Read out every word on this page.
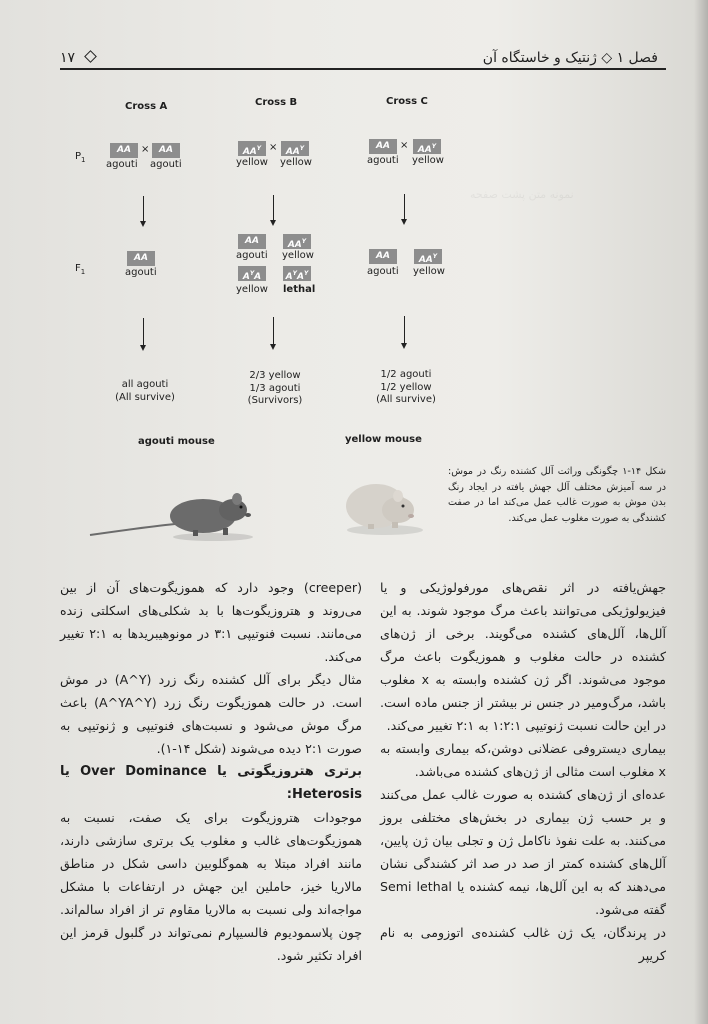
نمونه متن پشت صفحه
فصل ۱ ◇ ژنتیک و خاستگاه آن
۱۷
Cross A	Cross B	Cross C
$P_1$
$F_1$
AA	×	AA
agouti agouti
$AA^Y \times AA^Y$
yellow yellow
AA	×	$AA^Y$
agouti yellow
AA
agouti
AA	$AA^Y$
agouti yellow
$A^YA$	$A^YA^Y$
yellow lethal
AA	$AA^Y$
agouti yellow
all agouti
(All survive)
2/3 yellow
1/3 agouti
(Survivors)
1/2 agouti
1/2 yellow
(All survive)
agouti mouse	yellow mouse
شکل ۱۴-۱ چگونگی وراثت آلل کشنده رنگ در موش: در سه آمیزش مختلف آلل جهش یافته در ایجاد رنگ بدن موش به صورت غالب عمل می‌کند اما در صفت کشندگی به صورت مغلوب عمل می‌کند.

جهش‌یافته در اثر نقص‌های مورفولوژیکی و یا فیزیولوژیکی می‌توانند باعث مرگ موجود شوند. به این آلل‌ها، آلل‌های کشنده می‌گویند. برخی از ژن‌های کشنده در حالت مغلوب و هموزیگوت باعث مرگ موجود می‌شوند. اگر ژن کشنده وابسته به x مغلوب باشد، مرگ‌ومیر در جنس نر بیشتر از جنس ماده است. در این حالت نسبت ژنوتیپی ۱:۲:۱ به ۲:۱ تغییر می‌کند.

بیماری دیستروفی عضلانی دوشن،که بیماری وابسته به x مغلوب است مثالی از ژن‌های کشنده می‌باشد.

عده‌ای از ژن‌های کشنده به صورت غالب عمل می‌کنند و بر حسب ژن بیماری در بخش‌های مختلفی بروز می‌کنند. به علت نفوذ ناکامل ژن و تجلی بیان ژن پایین، آلل‌های کشنده کمتر از صد در صد اثر کشندگی نشان می‌دهند که به این آلل‌ها، نیمه کشنده یا Semi lethal گفته می‌شود.

در پرندگان، یک ژن غالب کشنده‌ی اتوزومی به نام کریپر

(creeper) وجود دارد که هموزیگوت‌های آن از بین می‌روند و هتروزیگوت‌ها با بد شکلی‌های اسکلتی زنده می‌مانند. نسبت فنوتیپی ۳:۱ در مونوهیبریدها به ۲:۱ تغییر می‌کند.

مثال دیگر برای آلل کشنده رنگ زرد (A^Y) در موش است. در حالت هموزیگوت رنگ زرد (A^YA^Y) باعث مرگ موش می‌شود و نسبت‌های فنوتیپی و ژنوتیپی به صورت ۲:۱ دیده می‌شوند (شکل ۱۴-۱).

برتری هتروزیگوتی یا Over Dominance یا Heterosis:

موجودات هتروزیگوت برای یک صفت، نسبت به هموزیگوت‌های غالب و مغلوب یک برتری سازشی دارند، مانند افراد مبتلا به هموگلوبین داسی شکل در مناطق مالاریا خیز، حاملین این جهش در ارتفاعات با مشکل مواجه‌اند ولی نسبت به مالاریا مقاوم تر از افراد سالم‌اند. چون پلاسمودیوم فالسیپارم نمی‌تواند در گلبول قرمز این افراد تکثیر شود.
